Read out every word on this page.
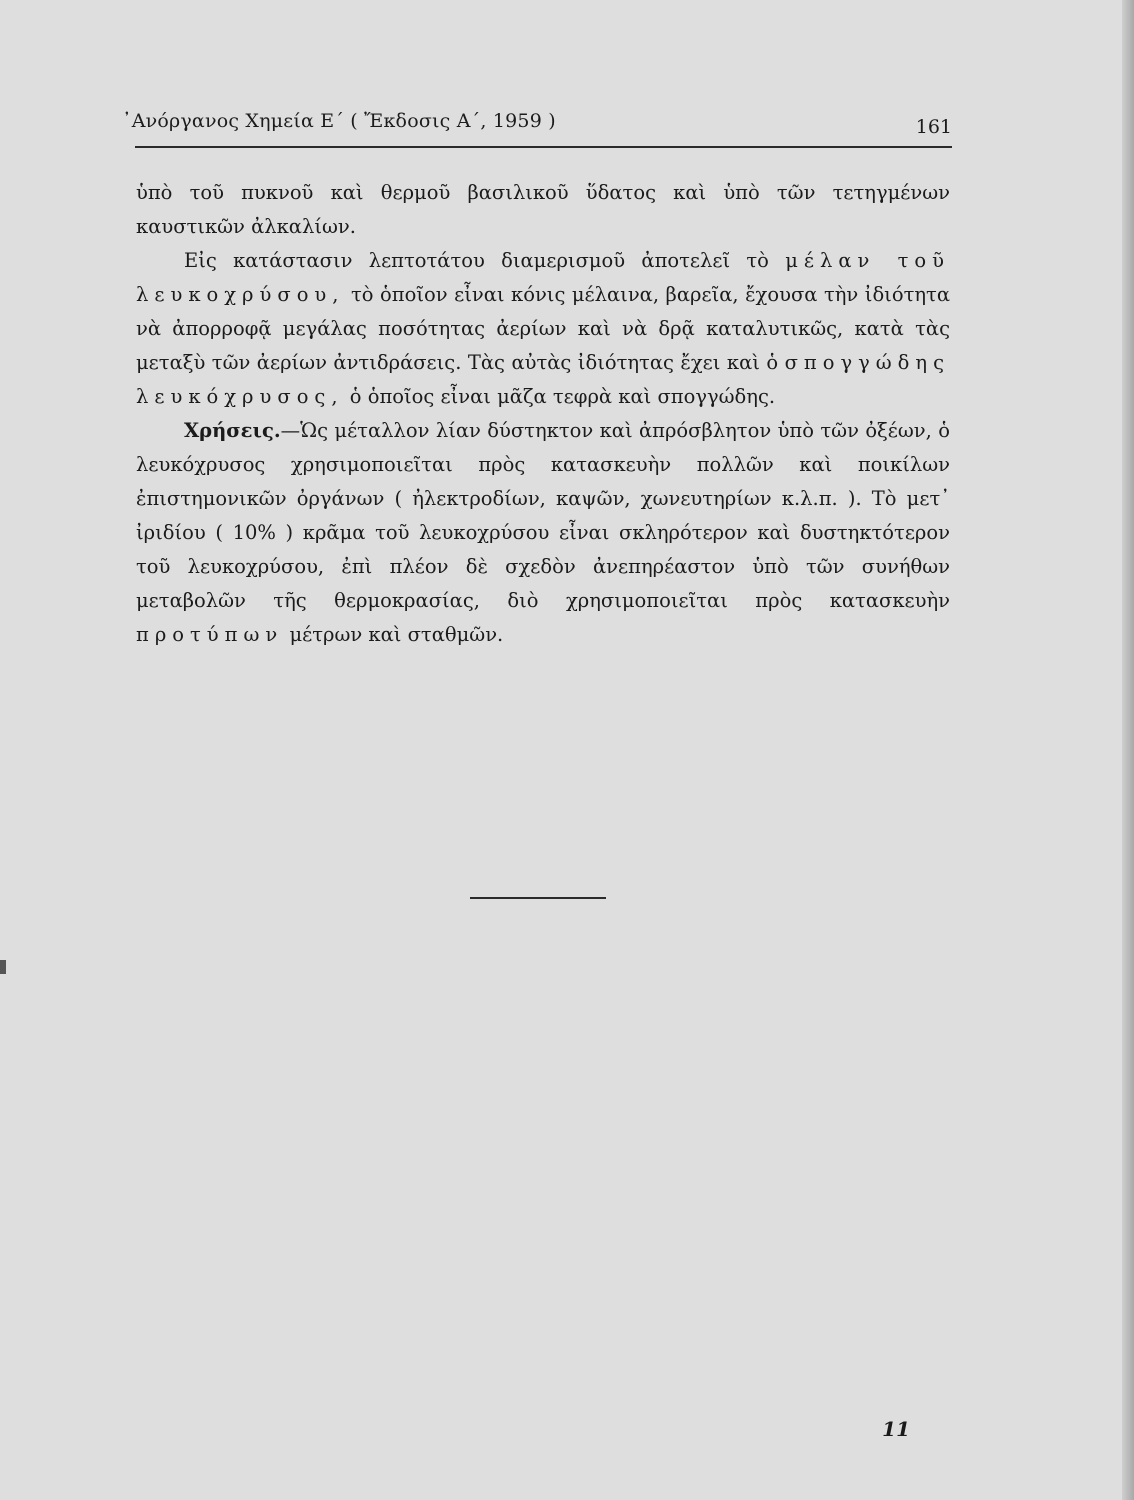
᾿Ανόργανος Χημεία Ε΄ ( Ἔκδοσις Α΄, 1959 )	161

ὑπὸ τοῦ πυκνοῦ καὶ θερμοῦ βασιλικοῦ ὕδατος καὶ ὑπὸ τῶν τετηγμένων καυστικῶν ἀλκαλίων.

Εἰς κατάστασιν λεπτοτάτου διαμερισμοῦ ἀποτελεῖ τὸ μέλαν τοῦ λευκοχρύσου, τὸ ὁποῖον εἶναι κόνις μέλαινα, βαρεῖα, ἔχουσα τὴν ἰδιότητα νὰ ἀπορροφᾷ μεγάλας ποσότητας ἀερίων καὶ νὰ δρᾷ καταλυτικῶς, κατὰ τὰς μεταξὺ τῶν ἀερίων ἀντιδράσεις. Τὰς αὐτὰς ἰδιότητας ἔχει καὶ ὁ σπογγώδης λευκόχρυσος, ὁ ὁποῖος εἶναι μᾶζα τεφρὰ καὶ σπογγώδης.

Χρήσεις.—Ὡς μέταλλον λίαν δύστηκτον καὶ ἀπρόσβλητον ὑπὸ τῶν ὀξέων, ὁ λευκόχρυσος χρησιμοποιεῖται πρὸς κατασκευὴν πολλῶν καὶ ποικίλων ἐπιστημονικῶν ὀργάνων ( ἠλεκτροδίων, καψῶν, χωνευτηρίων κ.λ.π. ). Τὸ μετ᾿ ἰριδίου ( 10% ) κρᾶμα τοῦ λευκοχρύσου εἶναι σκληρότερον καὶ δυστηκτότερον τοῦ λευκοχρύσου, ἐπὶ πλέον δὲ σχεδὸν ἀνεπηρέαστον ὑπὸ τῶν συνήθων μεταβολῶν τῆς θερμοκρασίας, διὸ χρησιμοποιεῖται πρὸς κατασκευὴν προτύπων μέτρων καὶ σταθμῶν.

11
